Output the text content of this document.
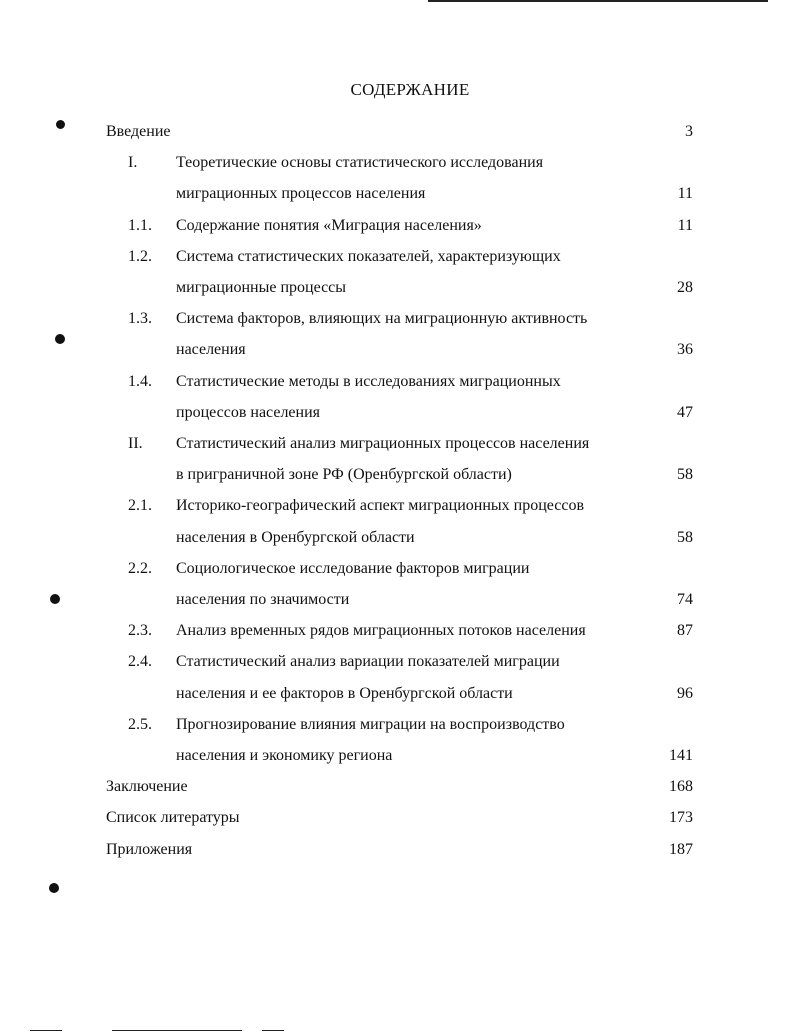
СОДЕРЖАНИЕ
Введение	3
I. Теоретические основы статистического исследования
миграционных процессов населения	11
1.1. Содержание понятия «Миграция населения»	11
1.2. Система статистических показателей, характеризующих
миграционные процессы	28
1.3. Система факторов, влияющих на миграционную активность
населения	36
1.4. Статистические методы в исследованиях миграционных
процессов населения	47
II. Статистический анализ миграционных процессов населения
в приграничной зоне РФ (Оренбургской области)	58
2.1. Историко-географический аспект миграционных процессов
населения в Оренбургской области	58
2.2. Социологическое исследование факторов миграции
населения по значимости	74
2.3. Анализ временных рядов миграционных потоков населения	87
2.4. Статистический анализ вариации показателей миграции
населения и ее факторов в Оренбургской области	96
2.5. Прогнозирование влияния миграции на воспроизводство
населения и экономику региона	141
Заключение	168
Список литературы	173
Приложения	187
